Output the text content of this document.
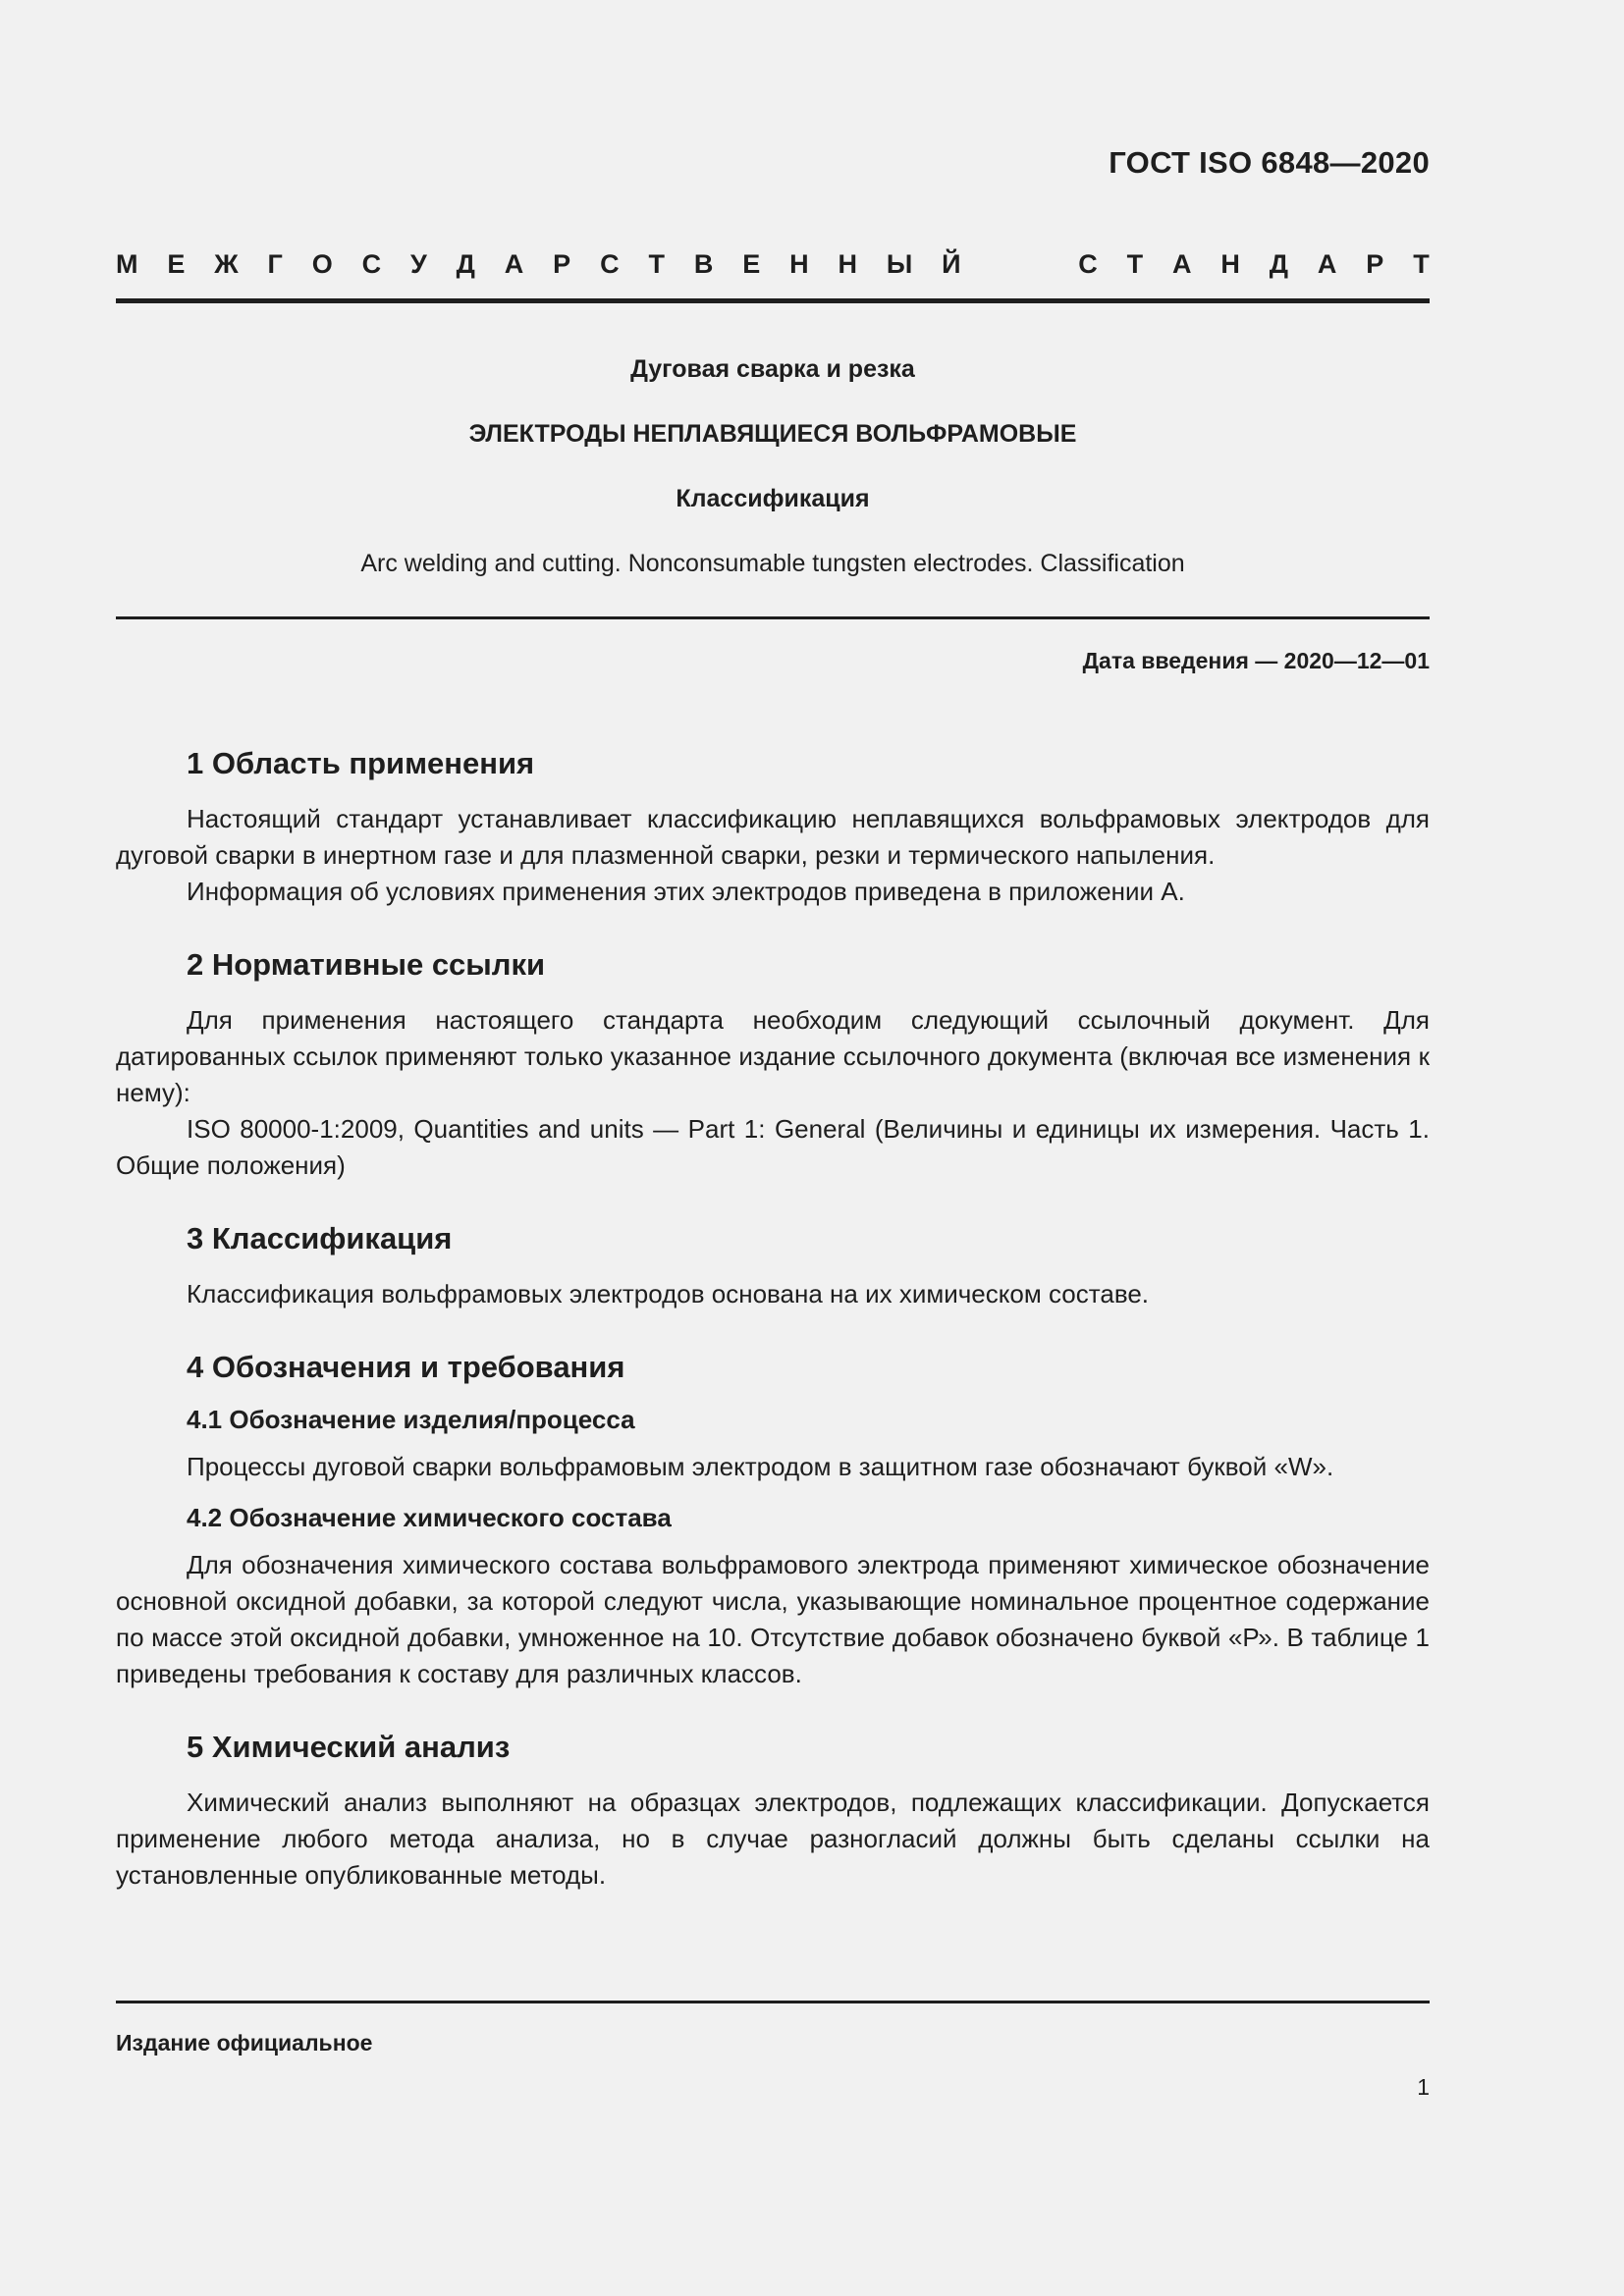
ГОСТ ISO 6848—2020
М Е Ж Г О С У Д А Р С Т В Е Н Н Ы Й	С Т А Н Д А Р Т
Дуговая сварка и резка
ЭЛЕКТРОДЫ НЕПЛАВЯЩИЕСЯ ВОЛЬФРАМОВЫЕ
Классификация
Arc welding and cutting. Nonconsumable tungsten electrodes. Classification
Дата введения — 2020—12—01
1 Область применения

Настоящий стандарт устанавливает классификацию неплавящихся вольфрамовых электродов для дуговой сварки в инертном газе и для плазменной сварки, резки и термического напыления.

Информация об условиях применения этих электродов приведена в приложении А.

2 Нормативные ссылки

Для применения настоящего стандарта необходим следующий ссылочный документ. Для датированных ссылок применяют только указанное издание ссылочного документа (включая все изменения к нему):

ISO 80000-1:2009, Quantities and units — Part 1: General (Величины и единицы их измерения. Часть 1. Общие положения)

3 Классификация

Классификация вольфрамовых электродов основана на их химическом составе.

4 Обозначения и требования
4.1 Обозначение изделия/процесса

Процессы дуговой сварки вольфрамовым электродом в защитном газе обозначают буквой «W».

4.2 Обозначение химического состава

Для обозначения химического состава вольфрамового электрода применяют химическое обозначение основной оксидной добавки, за которой следуют числа, указывающие номинальное процентное содержание по массе этой оксидной добавки, умноженное на 10. Отсутствие добавок обозначено буквой «Р». В таблице 1 приведены требования к составу для различных классов.

5 Химический анализ

Химический анализ выполняют на образцах электродов, подлежащих классификации. Допускается применение любого метода анализа, но в случае разногласий должны быть сделаны ссылки на установленные опубликованные методы.

Издание официальное
1
